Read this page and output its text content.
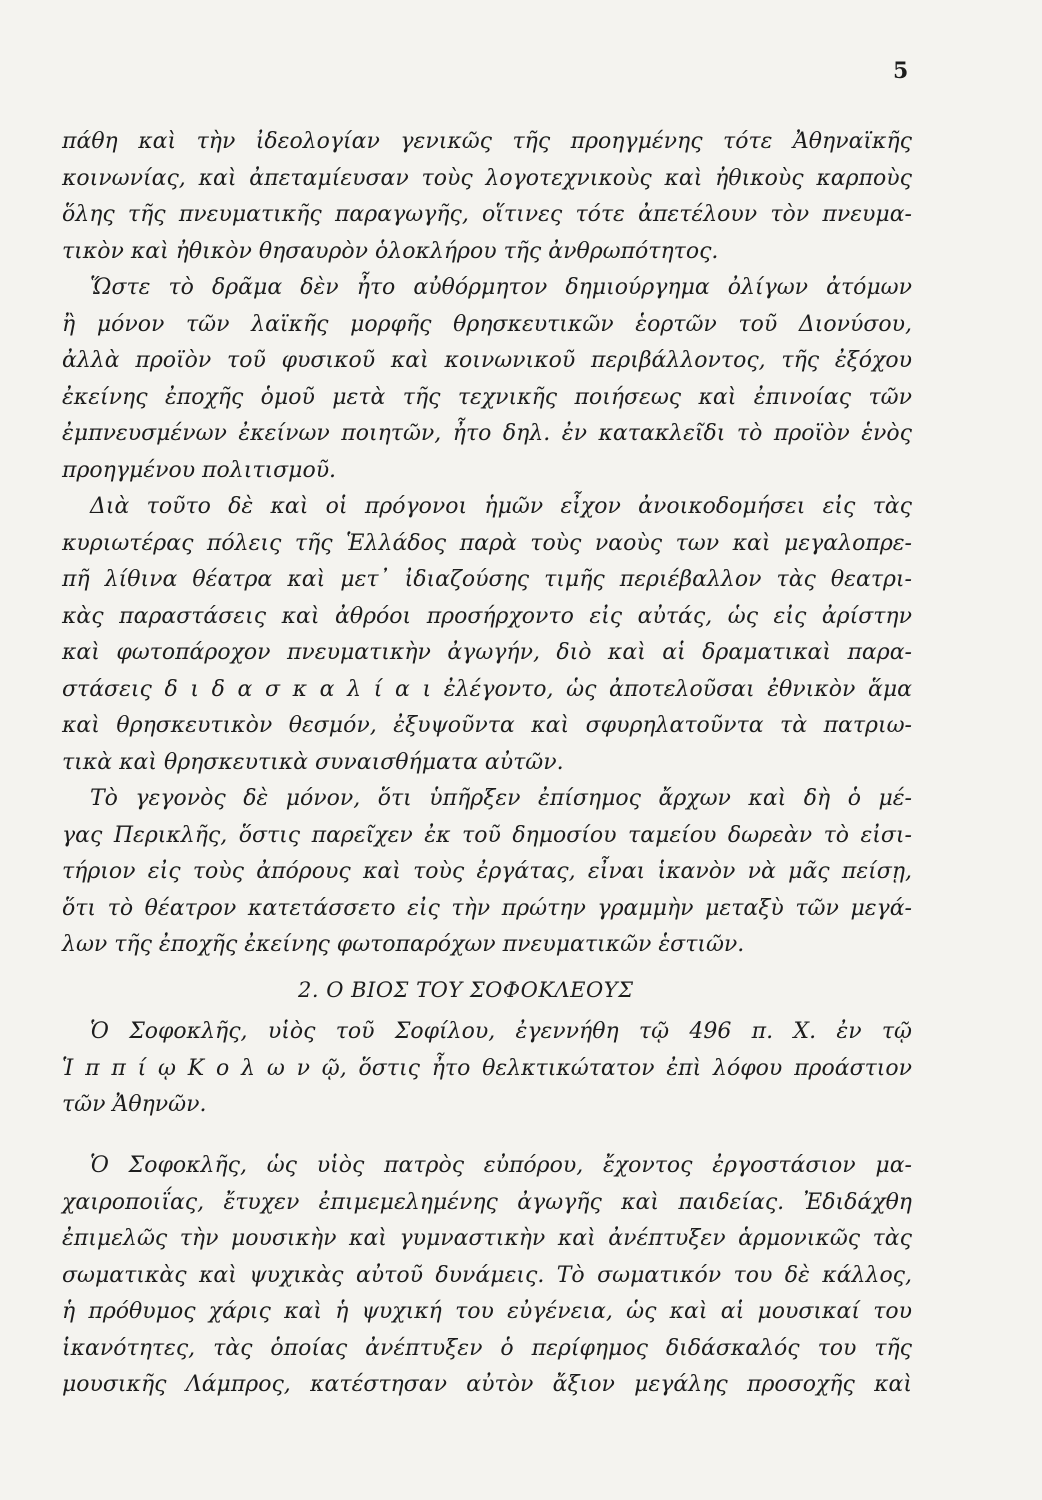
5
πάθη καὶ τὴν ἰδεολογίαν γενικῶς τῆς προηγμένης τότε Ἀθηναϊκῆς
κοινωνίας, καὶ ἀπεταμίευσαν τοὺς λογοτεχνικοὺς καὶ ἠθικοὺς καρποὺς
ὅλης τῆς πνευματικῆς παραγωγῆς, οἵτινες τότε ἀπετέλουν τὸν πνευμα-
τικὸν καὶ ἠθικὸν θησαυρὸν ὁλοκλήρου τῆς ἀνθρωπότητος.
Ὥστε τὸ δρᾶμα δὲν ἦτο αὐθόρμητον δημιούργημα ὀλίγων ἀτόμων
ἢ μόνον τῶν λαϊκῆς μορφῆς θρησκευτικῶν ἑορτῶν τοῦ Διονύσου,
ἀλλὰ προϊὸν τοῦ φυσικοῦ καὶ κοινωνικοῦ περιβάλλοντος, τῆς ἐξόχου
ἐκείνης ἐποχῆς ὁμοῦ μετὰ τῆς τεχνικῆς ποιήσεως καὶ ἐπινοίας τῶν
ἐμπνευσμένων ἐκείνων ποιητῶν, ἦτο δηλ. ἐν κατακλεῖδι τὸ προϊὸν ἑνὸς
προηγμένου πολιτισμοῦ.
Διὰ τοῦτο δὲ καὶ οἱ πρόγονοι ἡμῶν εἶχον ἀνοικοδομήσει εἰς τὰς
κυριωτέρας πόλεις τῆς Ἑλλάδος παρὰ τοὺς ναοὺς των καὶ μεγαλοπρε-
πῆ λίθινα θέατρα καὶ μετ᾽ ἰδιαζούσης τιμῆς περιέβαλλον τὰς θεατρι-
κὰς παραστάσεις καὶ ἀθρόοι προσήρχοντο εἰς αὐτάς, ὡς εἰς ἀρίστην
καὶ φωτοπάροχον πνευματικὴν ἀγωγήν, διὸ καὶ αἱ δραματικαὶ παρα-
στάσεις δ ι δ α σ κ α λ ί α ι ἐλέγοντο, ὡς ἀποτελοῦσαι ἐθνικὸν ἅμα
καὶ θρησκευτικὸν θεσμόν, ἐξυψοῦντα καὶ σφυρηλατοῦντα τὰ πατριω-
τικὰ καὶ θρησκευτικὰ συναισθήματα αὐτῶν.
Τὸ γεγονὸς δὲ μόνον, ὅτι ὑπῆρξεν ἐπίσημος ἄρχων καὶ δὴ ὁ μέ-
γας Περικλῆς, ὅστις παρεῖχεν ἐκ τοῦ δημοσίου ταμείου δωρεὰν τὸ εἰσι-
τήριον εἰς τοὺς ἀπόρους καὶ τοὺς ἐργάτας, εἶναι ἱκανὸν νὰ μᾶς πείσῃ,
ὅτι τὸ θέατρον κατετάσσετο εἰς τὴν πρώτην γραμμὴν μεταξὺ τῶν μεγά-
λων τῆς ἐποχῆς ἐκείνης φωτοπαρόχων πνευματικῶν ἑστιῶν.
2. Ο ΒΙΟΣ ΤΟΥ ΣΟΦΟΚΛΕΟΥΣ
Ὁ Σοφοκλῆς, υἱὸς τοῦ Σοφίλου, ἐγεννήθη τῷ 496 π. Χ. ἐν τῷ
Ἱ π π ί ῳ Κ ο λ ω ν ῷ, ὅστις ἦτο θελκτικώτατον ἐπὶ λόφου προάστιον
τῶν Ἀθηνῶν.
Ὁ Σοφοκλῆς, ὡς υἱὸς πατρὸς εὐπόρου, ἔχοντος ἐργοστάσιον μα-
χαιροποιΐας, ἔτυχεν ἐπιμεμελημένης ἀγωγῆς καὶ παιδείας. Ἐδιδάχθη
ἐπιμελῶς τὴν μουσικὴν καὶ γυμναστικὴν καὶ ἀνέπτυξεν ἁρμονικῶς τὰς
σωματικὰς καὶ ψυχικὰς αὐτοῦ δυνάμεις. Τὸ σωματικόν του δὲ κάλλος,
ἡ πρόθυμος χάρις καὶ ἡ ψυχική του εὐγένεια, ὡς καὶ αἱ μουσικαί του
ἱκανότητες, τὰς ὁποίας ἀνέπτυξεν ὁ περίφημος διδάσκαλός του τῆς
μουσικῆς Λάμπρος, κατέστησαν αὐτὸν ἄξιον μεγάλης προσοχῆς καὶ
